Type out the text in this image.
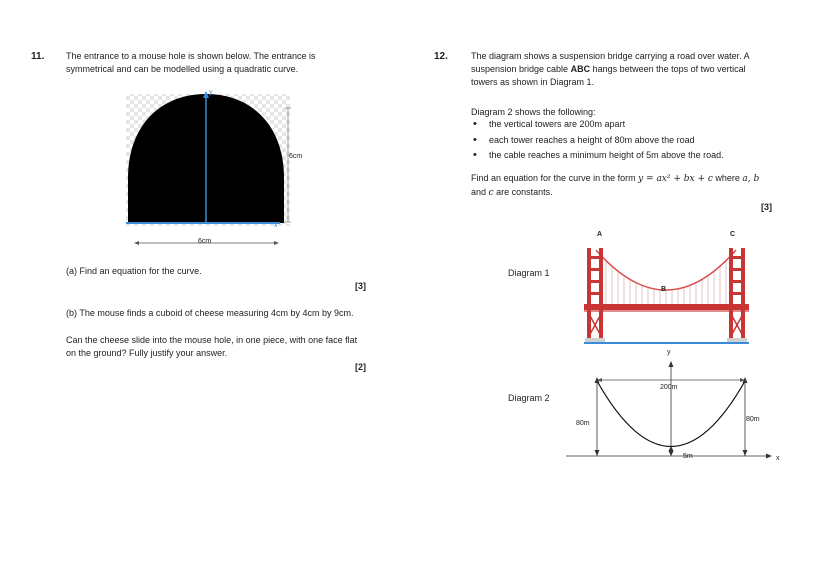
11. The entrance to a mouse hole is shown below. The entrance is
symmetrical and can be modelled using a quadratic curve.
y
6cm
x
6cm
(a) Find an equation for the curve.
[3]
(b) The mouse finds a cuboid of cheese measuring 4cm by 4cm by 9cm.
Can the cheese slide into the mouse hole, in one piece, with one face flat
on the ground? Fully justify your answer.
[2]
12.	The diagram shows a suspension bridge carrying a road over water. A
suspension bridge cable ABC hangs between the tops of two vertical
towers as shown in Diagram 1.
Diagram 2 shows the following:
• the vertical towers are 200m apart
• each tower reaches a height of 80m above the road
• the cable reaches a minimum height of 5m above the road.
Find an equation for the curve in the form y = ax² + bx + c where a, b
and c are constants.
[3]
Diagram 1
A
B
C
Diagram 2
y
x
200m
80m
80m
5m
